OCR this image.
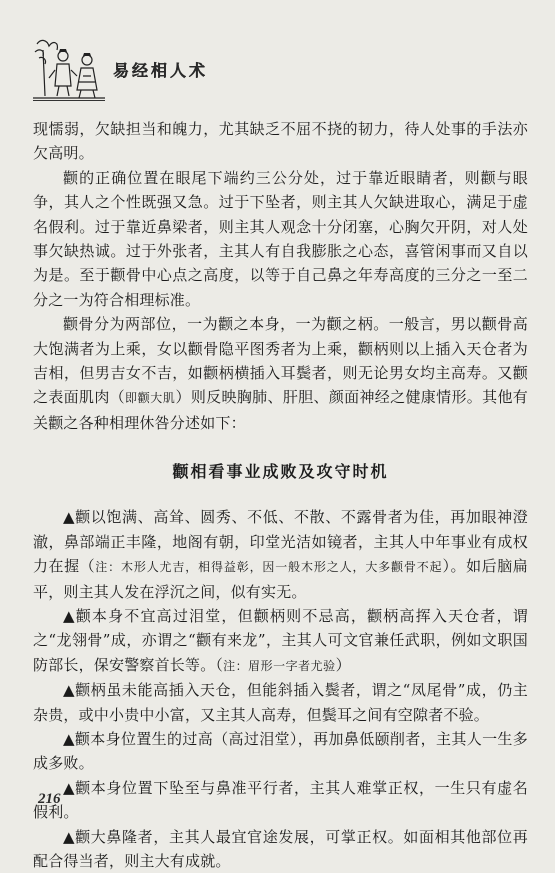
易经相人术

现懦弱，欠缺担当和魄力，尤其缺乏不屈不挠的韧力，待人处事的手法亦欠高明。

颧的正确位置在眼尾下端约三公分处，过于靠近眼睛者，则颧与眼争，其人之个性既强又急。过于下坠者，则主其人欠缺进取心，满足于虚名假利。过于靠近鼻梁者，则主其人观念十分闭塞，心胸欠开阴，对人处事欠缺热诚。过于外张者，主其人有自我膨胀之心态，喜管闲事而又自以为是。至于颧骨中心点之高度，以等于自己鼻之年寿高度的三分之一至二分之一为符合相理标准。

颧骨分为两部位，一为颧之本身，一为颧之柄。一般言，男以颧骨高大饱满者为上乘，女以颧骨隐平图秀者为上乘，颧柄则以上插入天仓者为吉相，但男吉女不吉，如颧柄横插入耳鬓者，则无论男女均主高寿。又颧之表面肌肉（即颧大肌）则反映胸肺、肝胆、颜面神经之健康情形。其他有关颧之各种相理休咎分述如下：

颧相看事业成败及攻守时机

▲颧以饱满、高耸、圆秀、不低、不散、不露骨者为佳，再加眼神澄澈，鼻部端正丰隆，地阁有朝，印堂光洁如镜者，主其人中年事业有成权力在握（注：木形人尤吉，相得益彰，因一般木形之人，大多颧骨不起）。如后脑扁平，则主其人发在浮沉之间，似有实无。

▲颧本身不宜高过泪堂，但颧柄则不忌高，颧柄高挥入天仓者，谓之“龙翎骨”成，亦谓之“颧有来龙”，主其人可文官兼任武职，例如文职国防部长，保安警察首长等。（注：眉形一字者尤验）

▲颧柄虽未能高插入天仓，但能斜插入鬓者，谓之“凤尾骨”成，仍主杂贵，或中小贵中小富，又主其人高寿，但鬓耳之间有空隙者不验。

▲颧本身位置生的过高（高过泪堂），再加鼻低颐削者，主其人一生多成多败。

▲颧本身位置下坠至与鼻准平行者，主其人难掌正权，一生只有虚名假利。

▲颧大鼻隆者，主其人最宜官途发展，可掌正权。如面相其他部位再配合得当者，则主大有成就。

216
